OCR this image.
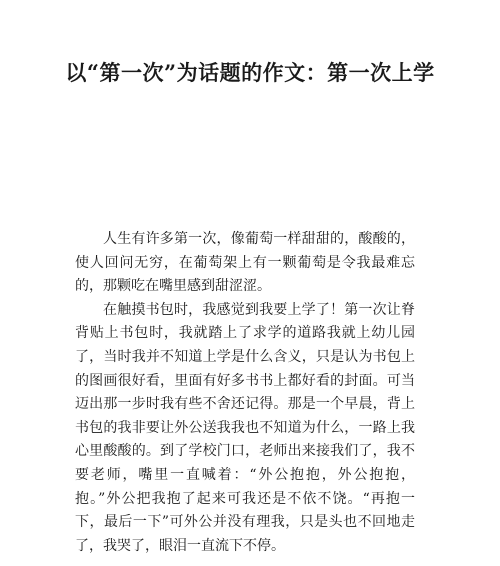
以“第一次”为话题的作文：第一次上学

人生有许多第一次，像葡萄一样甜甜的，酸酸的，使人回问无穷，在葡萄架上有一颗葡萄是令我最难忘的，那颗吃在嘴里感到甜涩涩。

在触摸书包时，我感觉到我要上学了！第一次让脊背贴上书包时，我就踏上了求学的道路我就上幼儿园了，当时我并不知道上学是什么含义，只是认为书包上的图画很好看，里面有好多书书上都好看的封面。可当迈出那一步时我有些不舍还记得。那是一个早晨，背上书包的我非要让外公送我我也不知道为什么，一路上我心里酸酸的。到了学校门口，老师出来接我们了，我不要老师，嘴里一直喊着：“外公抱抱，外公抱抱，抱。”外公把我抱了起来可我还是不依不饶。“再抱一下，最后一下”可外公并没有理我，只是头也不回地走了，我哭了，眼泪一直流下不停。
